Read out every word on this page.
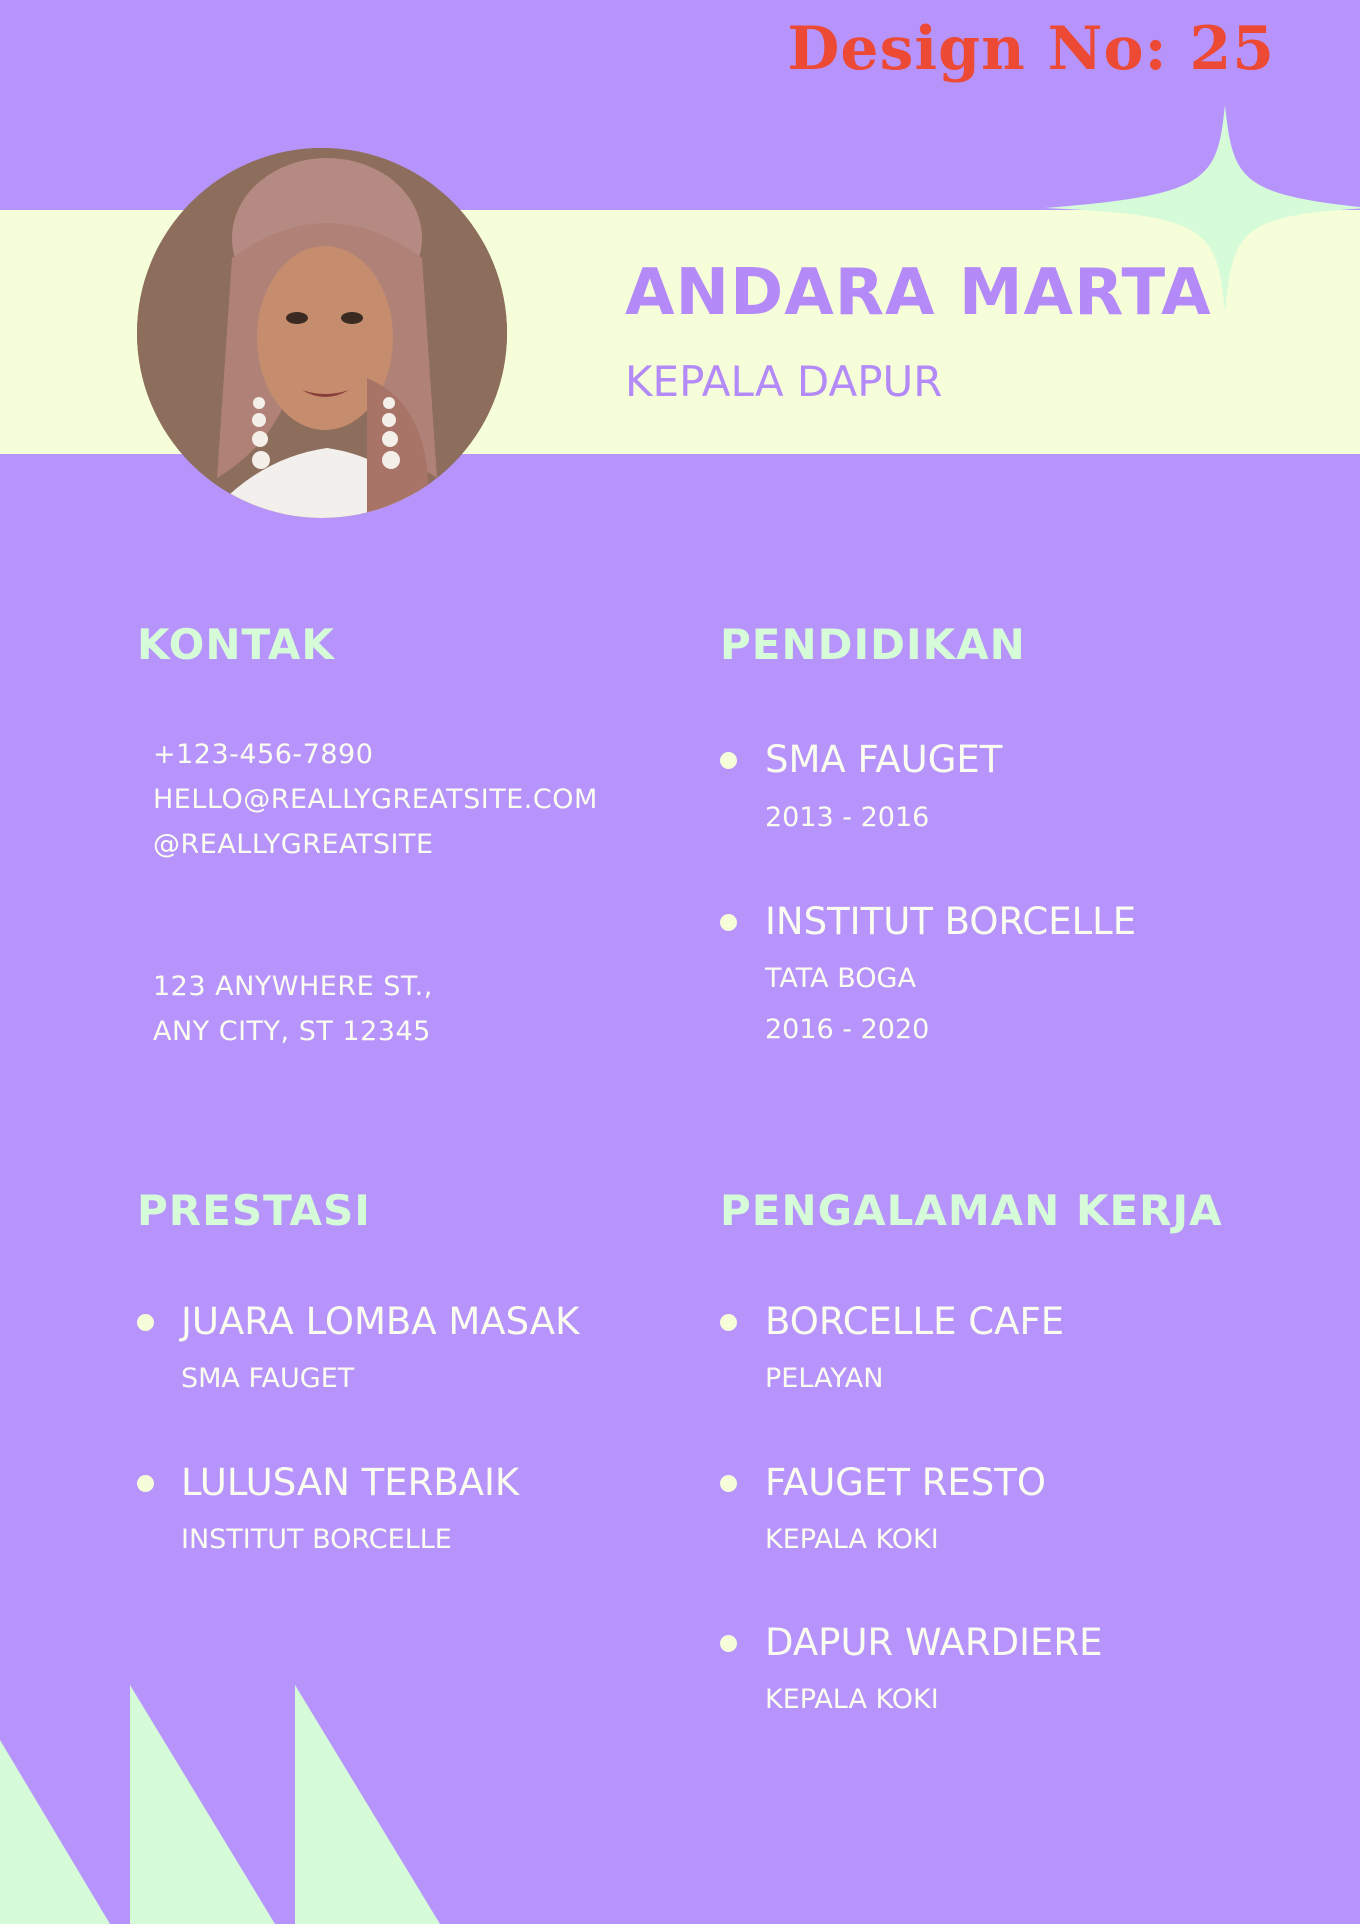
Design No: 25
ANDARA MARTA
KEPALA DAPUR
KONTAK
+123-456-7890
HELLO@REALLYGREATSITE.COM
@REALLYGREATSITE
123 ANYWHERE ST.,
ANY CITY, ST 12345
PENDIDIKAN
SMA FAUGET
2013 - 2016
INSTITUT BORCELLE
TATA BOGA
2016 - 2020
PRESTASI
JUARA LOMBA MASAK
SMA FAUGET
LULUSAN TERBAIK
INSTITUT BORCELLE
PENGALAMAN KERJA
BORCELLE CAFE
PELAYAN
FAUGET RESTO
KEPALA KOKI
DAPUR WARDIERE
KEPALA KOKI
